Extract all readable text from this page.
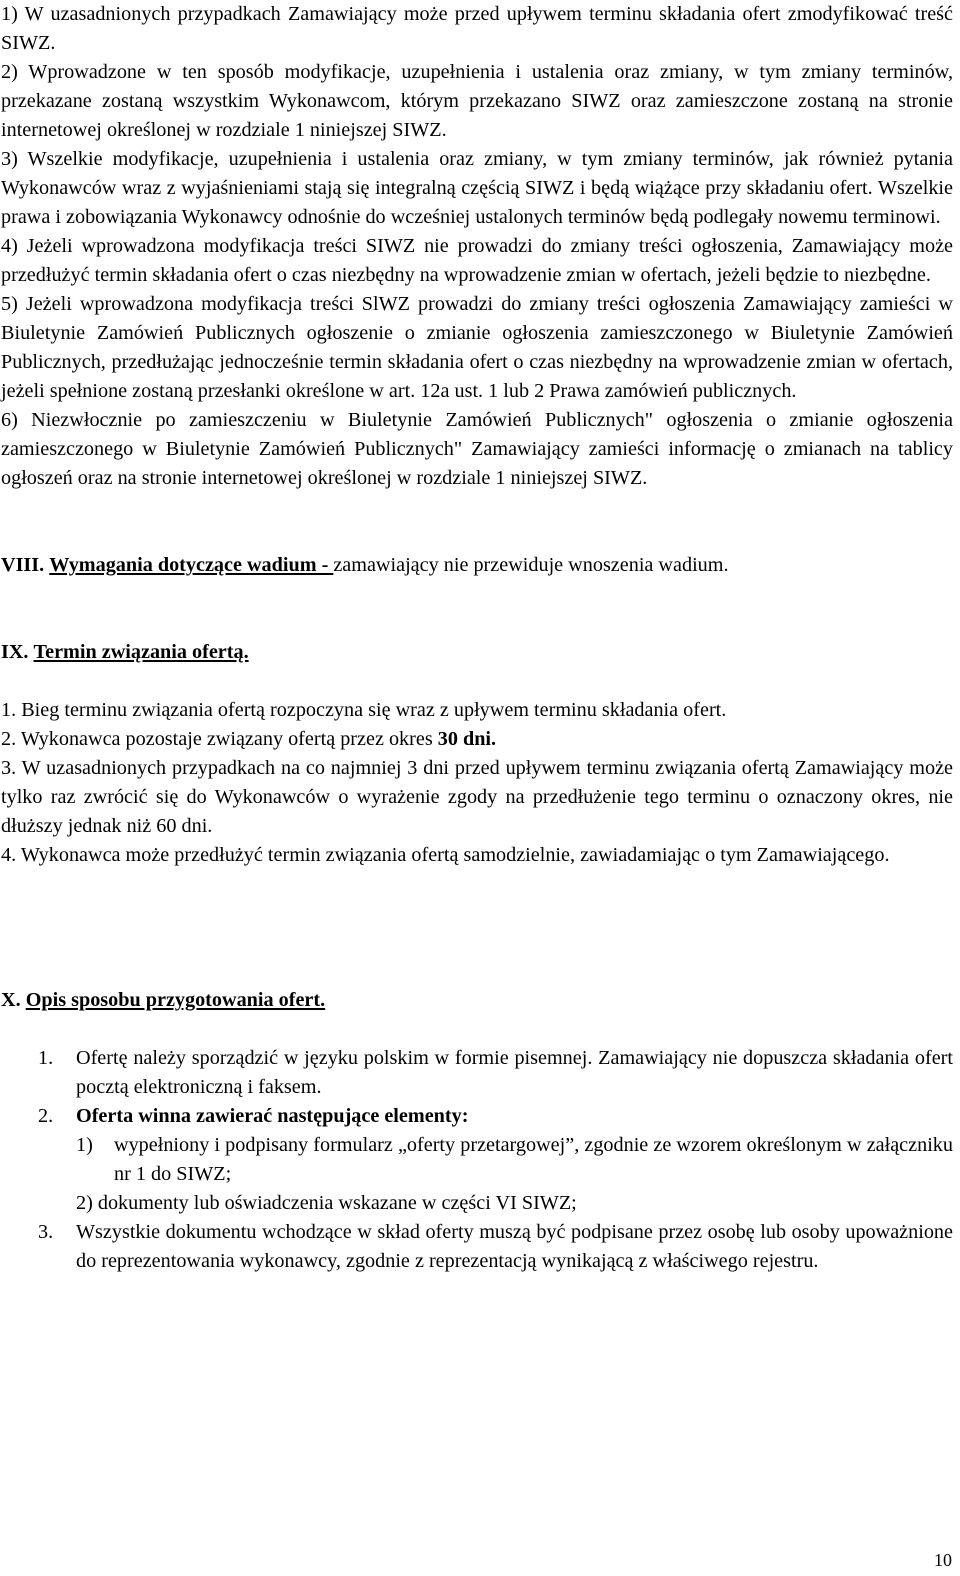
1) W uzasadnionych przypadkach Zamawiający może przed upływem terminu składania ofert zmodyfikować treść SIWZ.

2) Wprowadzone w ten sposób modyfikacje, uzupełnienia i ustalenia oraz zmiany, w tym zmiany terminów, przekazane zostaną wszystkim Wykonawcom, którym przekazano SIWZ oraz zamieszczone zostaną na stronie internetowej określonej w rozdziale 1 niniejszej SIWZ.

3) Wszelkie modyfikacje, uzupełnienia i ustalenia oraz zmiany, w tym zmiany terminów, jak również pytania Wykonawców wraz z wyjaśnieniami stają się integralną częścią SIWZ i będą wiążące przy składaniu ofert. Wszelkie prawa i zobowiązania Wykonawcy odnośnie do wcześniej ustalonych terminów będą podlegały nowemu terminowi.

4) Jeżeli wprowadzona modyfikacja treści SIWZ nie prowadzi do zmiany treści ogłoszenia, Zamawiający może przedłużyć termin składania ofert o czas niezbędny na wprowadzenie zmian w ofertach, jeżeli będzie to niezbędne.

5) Jeżeli wprowadzona modyfikacja treści SlWZ prowadzi do zmiany treści ogłoszenia Zamawiający zamieści w Biuletynie Zamówień Publicznych ogłoszenie o zmianie ogłoszenia zamieszczonego w Biuletynie Zamówień Publicznych, przedłużając jednocześnie termin składania ofert o czas niezbędny na wprowadzenie zmian w ofertach, jeżeli spełnione zostaną przesłanki określone w art. 12a ust. 1 lub 2 Prawa zamówień publicznych.

6) Niezwłocznie po zamieszczeniu w Biuletynie Zamówień Publicznych" ogłoszenia o zmianie ogłoszenia zamieszczonego w Biuletynie Zamówień Publicznych" Zamawiający zamieści informację o zmianach na tablicy ogłoszeń oraz na stronie internetowej określonej w rozdziale 1 niniejszej SIWZ.

VIII. Wymagania dotyczące wadium - zamawiający nie przewiduje wnoszenia wadium.
IX. Termin związania ofertą.

1. Bieg terminu związania ofertą rozpoczyna się wraz z upływem terminu składania ofert.

2. Wykonawca pozostaje związany ofertą przez okres 30 dni.

3. W uzasadnionych przypadkach na co najmniej 3 dni przed upływem terminu związania ofertą Zamawiający może tylko raz zwrócić się do Wykonawców o wyrażenie zgody na przedłużenie tego terminu o oznaczony okres, nie dłuższy jednak niż 60 dni.

4. Wykonawca może przedłużyć termin związania ofertą samodzielnie, zawiadamiając o tym Zamawiającego.

X. Opis sposobu przygotowania ofert.
1. Ofertę należy sporządzić w języku polskim w formie pisemnej. Zamawiający nie dopuszcza składania ofert pocztą elektroniczną i faksem.

2. Oferta winna zawierać następujące elementy:

1) wypełniony i podpisany formularz „oferty przetargowej”, zgodnie ze wzorem określonym w załączniku nr 1 do SIWZ;

2) dokumenty lub oświadczenia wskazane w części VI SIWZ;

3. Wszystkie dokumentu wchodzące w skład oferty muszą być podpisane przez osobę lub osoby upoważnione do reprezentowania wykonawcy, zgodnie z reprezentacją wynikającą z właściwego rejestru.

10
